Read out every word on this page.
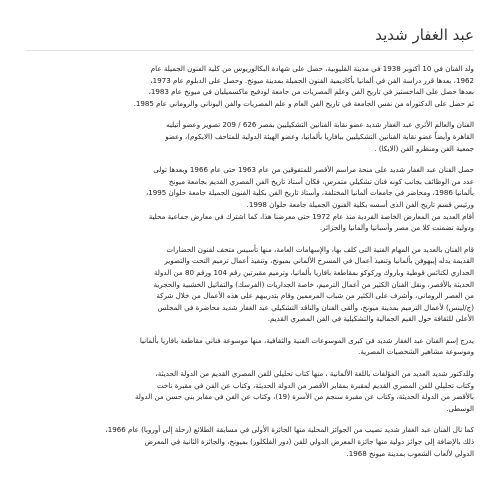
عبد الغفار شديد

ولد الفنان في 10 أكتوبر 1938 في مدينة القليوبية، حصل على شهادة البكالوريوس من كلية الفنون الجميلة عام
1962، بعدها قرر دراسة الفن في ألمانيا بأكاديمية الفنون الجميلة بمدينة ميونخ. وحصل على الدبلوم عام 1973،
بعدها حصل على الماجستير في تاريخ الفن وعلم المصريات من جامعة لودفيج ماكسميليان في ميونخ عام 1983،
ثم حصل على الدكتوراه من نفس الجامعة في تاريخ الفن العام و علم المصريات والفن اليوناني والروماني عام 1985.

الفنان والعالم الأثري عبد الغفار شديد عضو نقابة الفنانين التشكيليين بمصر 626 / 209 تصوير وعضو أتيليه
القاهرة وأيضاً عضو نقابة الفنانين التشكيليين ببافاريا بألمانيا، وعضو الهيئة الدولية للمتاحف (الايكوم)، وعضو
جمعية الفن ومنظرو الفن (الايكا) .

حصل الفنان عبد الغفار شديد على منحة مراسم الأقصر للمتفوقين من عام 1963 حتى عام 1966 وبعدها تولى
عدد من الوظائف بجانب كونه فنان تشكيلي متمرس، فكان أستاذ تاريخ الفن المصري القديم بجامعة ميونخ
بألمانيا 1986، ومحاضر في جامعات ألمانيا المختلفة، وأستاذ تاريخ الفن بكلية الفنون الجميلة جامعة حلوان 1995،
ورئيس قسم تاريخ الفن الذى أسسه بكلية الفنون الجميلة جامعة حلوان 1998.
أقام العديد من المعارض الخاصة الفردية منذ عام 1972 حتى معرضنا هذا، كما اشترك في معارض جماعية محلية
ودولية تضمنت كلا من مصر وأسبانيا وألمانيا والجزائر.

قام الفنان بالعديد من المهام الفنية التى كلف بها، والإسهامات العامة، منها تأسيس متحف لفنون الحضارات
القديمة يدله إيبهوفن بألمانيا وتنفيذ أعمال في المسرح الألماني بميونخ، وتنفيذ أعمال ترميم التحت والتصوير
الجداري لكنائس قوطية وباروك وركوكو بمقاطعة بافاريا بألمانيا، وترميم مقبرتين رقم 104 ورقم 80 من الدولة
الحديثة بالأقصر، ونقل الفنان الكثير من أعمال الترميم، خاصة الجداريات (الفرسك) والتماثيل الخشبية والحجرية
من العصر الروماني، وأشرف على الكثير من شباب المرممين وقام بتدريبهم على هذه الأعمال من خلال شركة
(ج/لينس) لأعمال الترميم بمدينة ميونخ، وألقى الفنان والناقد التشكيلي عبد الغفار شديد محاضرة في المجلس
الأعلى للثقافة حول القيم الجمالية والتشكيلية في الفن المصري القديم.

يدرج إسم الفنان عبد الغفار شديد في كبرى الموسوعات الفنية والثقافية، منها موسوعة فناني مقاطعة بافاريا بألمانيا
وموسوعة مشاهير الشخصيات المصرية.

وللدكتور شديد العديد من المؤلفات باللغة الألمانية ، منها كتاب تحليلي للفن المصري القديم من الدولة الحديثة،
وكتاب تحليلي للفن المصري القديم لمقبرة بمقابر الأقصر من الدولة الحديثة، وكتاب عن الفن في مقبرة ناخت
بالأقصر من الدولة الحديثة، وكتاب عن مقبرة سنجم من الأسرة (19)، وكتاب عن الفن في مقابر بني حسن من الدولة
الوسطى.

كما نال الفنان عبد الغفار شديد نصيب من الجوائز المحلية منها الجائزة الأولى في مسابقة الطلائع (رحلة إلى أوروبا) عام 1966،
ذلك بالإضافة إلى جوائز دولية منها جائزة المعرض الدولي للفن (دور الفلكلور) بميونخ، والجائزة الثانية في المعرض
الدولي لألعاب الشعوب بمدينة ميونخ 1968.
